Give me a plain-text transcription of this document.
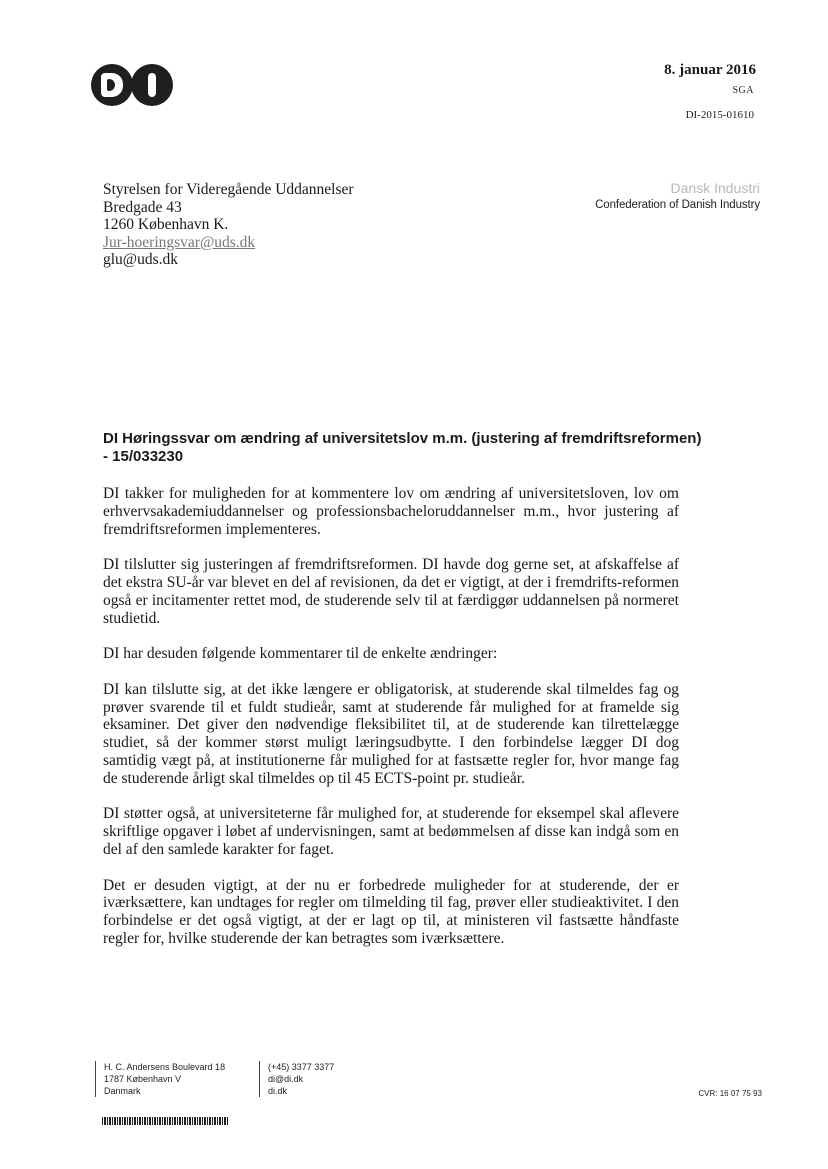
8. januar 2016
SGA
DI-2015-01610
Styrelsen for Videregående Uddannelser
Bredgade 43
1260 København K.
Jur-hoeringsvar@uds.dk
glu@uds.dk
Dansk Industri
Confederation of Danish Industry
DI Høringssvar om ændring af universitetslov m.m. (justering af fremdriftsreformen) - 15/033230

DI takker for muligheden for at kommentere lov om ændring af universitetsloven, lov om erhvervsakademiuddannelser og professionsbacheloruddannelser m.m., hvor justering af fremdriftsreformen implementeres.

DI tilslutter sig justeringen af fremdriftsreformen. DI havde dog gerne set, at afskaffelse af det ekstra SU-år var blevet en del af revisionen, da det er vigtigt, at der i fremdrifts-reformen også er incitamenter rettet mod, de studerende selv til at færdiggør uddannelsen på normeret studietid.

DI har desuden følgende kommentarer til de enkelte ændringer:

DI kan tilslutte sig, at det ikke længere er obligatorisk, at studerende skal tilmeldes fag og prøver svarende til et fuldt studieår, samt at studerende får mulighed for at framelde sig eksaminer. Det giver den nødvendige fleksibilitet til, at de studerende kan tilrettelægge studiet, så der kommer størst muligt læringsudbytte. I den forbindelse lægger DI dog samtidig vægt på, at institutionerne får mulighed for at fastsætte regler for, hvor mange fag de studerende årligt skal tilmeldes op til 45 ECTS-point pr. studieår.

DI støtter også, at universiteterne får mulighed for, at studerende for eksempel skal aflevere skriftlige opgaver i løbet af undervisningen, samt at bedømmelsen af disse kan indgå som en del af den samlede karakter for faget.

Det er desuden vigtigt, at der nu er forbedrede muligheder for at studerende, der er iværksættere, kan undtages for regler om tilmelding til fag, prøver eller studieaktivitet. I den forbindelse er det også vigtigt, at der er lagt op til, at ministeren vil fastsætte håndfaste regler for, hvilke studerende der kan betragtes som iværksættere.

H. C. Andersens Boulevard 18
1787 København V
Danmark
(+45) 3377 3377
di@di.dk
di.dk	CVR: 16 07 75 93
